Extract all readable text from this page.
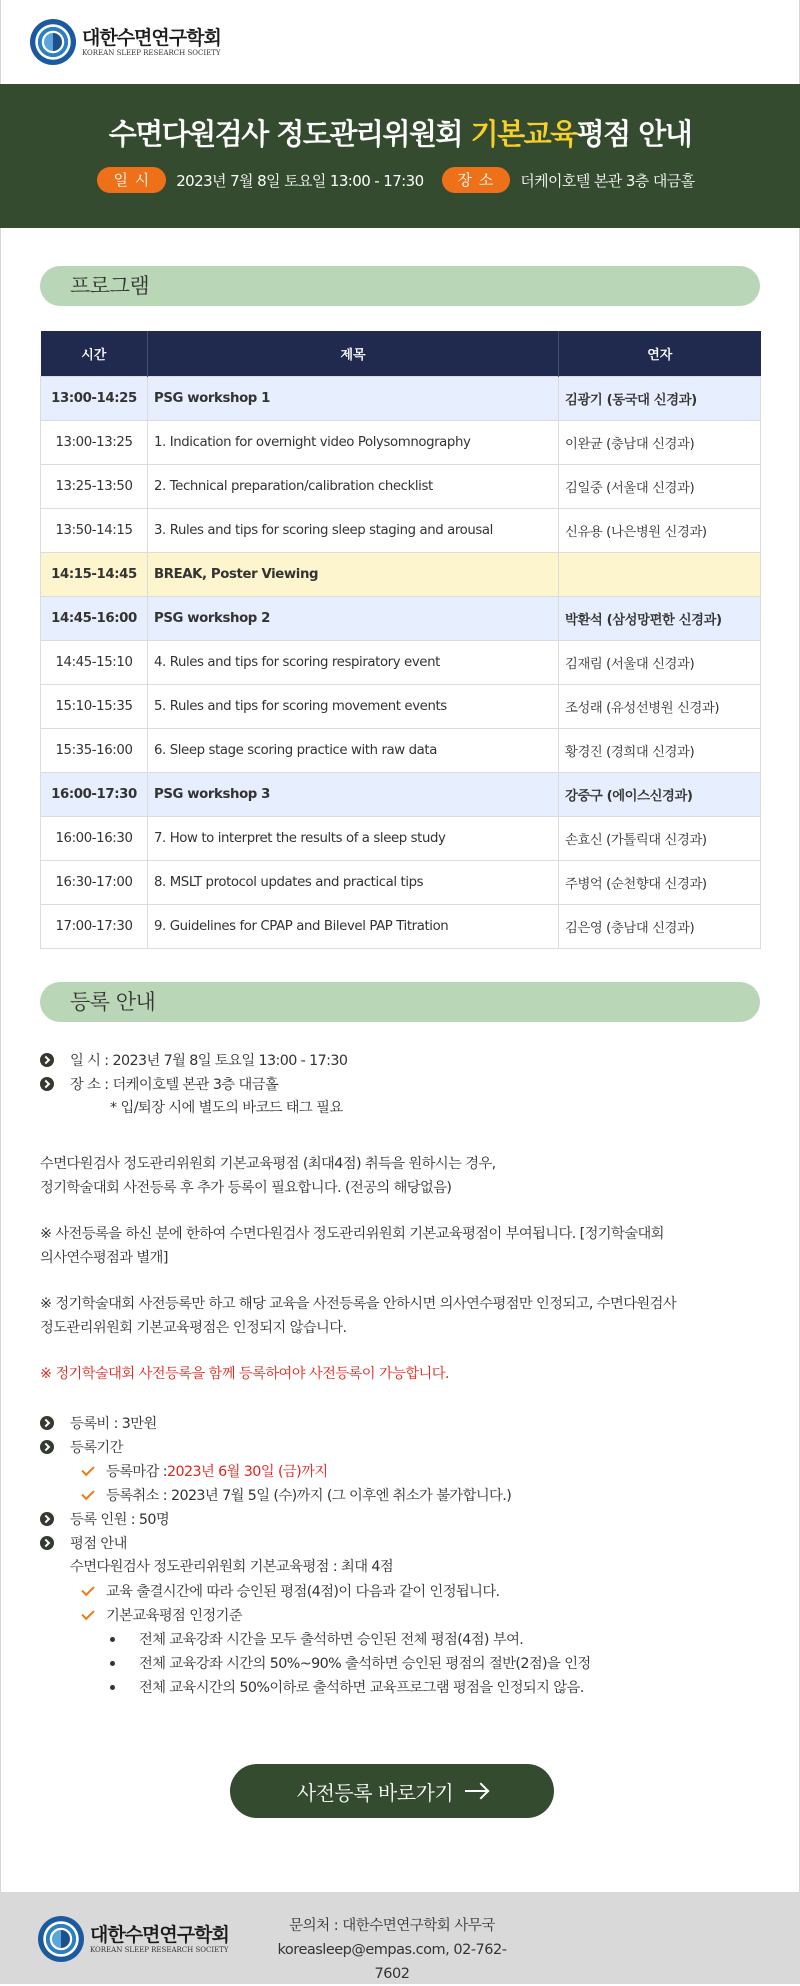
대한수면연구학회
KOREAN SLEEP RESEARCH SOCIETY
수면다원검사 정도관리위원회 기본교육평점 안내
일 시	2023년 7월 8일 토요일 13:00 - 17:30	장 소	더케이호텔 본관 3층 대금홀
프로그램
시간	제목	연자
13:00-14:25	PSG workshop 1	김광기 (동국대 신경과)
13:00-13:25	1. Indication for overnight video Polysomnography	이완균 (충남대 신경과)
13:25-13:50	2. Technical preparation/calibration checklist	김일중 (서울대 신경과)
13:50-14:15	3. Rules and tips for scoring sleep staging and arousal	신유용 (나은병원 신경과)
14:15-14:45	BREAK, Poster Viewing	
14:45-16:00	PSG workshop 2	박환석 (삼성망편한 신경과)
14:45-15:10	4. Rules and tips for scoring respiratory event	김재림 (서울대 신경과)
15:10-15:35	5. Rules and tips for scoring movement events	조성래 (유성선병원 신경과)
15:35-16:00	6. Sleep stage scoring practice with raw data	황경진 (경희대 신경과)
16:00-17:30	PSG workshop 3	강중구 (에이스신경과)
16:00-16:30	7. How to interpret the results of a sleep study	손효신 (가톨릭대 신경과)
16:30-17:00	8. MSLT protocol updates and practical tips	주병억 (순천향대 신경과)
17:00-17:30	9. Guidelines for CPAP and Bilevel PAP Titration	김은영 (충남대 신경과)
등록 안내
일 시 : 2023년 7월 8일 토요일 13:00 - 17:30
장 소 : 더케이호텔 본관 3층 대금홀
* 입/퇴장 시에 별도의 바코드 태그 필요
수면다원검사 정도관리위원회 기본교육평점 (최대4점) 취득을 원하시는 경우,
정기학술대회 사전등록 후 추가 등록이 필요합니다. (전공의 해당없음)
※ 사전등록을 하신 분에 한하여 수면다원검사 정도관리위원회 기본교육평점이 부여됩니다. [정기학술대회
의사연수평점과 별개]
※ 정기학술대회 사전등록만 하고 해당 교육을 사전등록을 안하시면 의사연수평점만 인정되고, 수면다원검사
정도관리위원회 기본교육평점은 인정되지 않습니다.
※ 정기학술대회 사전등록을 함께 등록하여야 사전등록이 가능합니다.
등록비 : 3만원
등록기간
등록마감 : 2023년 6월 30일 (금)까지
등록취소 : 2023년 7월 5일 (수)까지 (그 이후엔 취소가 불가합니다.)
등록 인원 : 50명
평점 안내
수면다원검사 정도관리위원회 기본교육평점 : 최대 4점
교육 출결시간에 따라 승인된 평점(4점)이 다음과 같이 인정됩니다.
기본교육평점 인정기준
전체 교육강좌 시간을 모두 출석하면 승인된 전체 평점(4점) 부여.
전체 교육강좌 시간의 50%~90% 출석하면 승인된 평점의 절반(2점)을 인정
전체 교육시간의 50%이하로 출석하면 교육프로그램 평점을 인정되지 않음.
사전등록 바로가기
대한수면연구학회
KOREAN SLEEP RESEARCH SOCIETY
문의처 : 대한수면연구학회 사무국
koreasleep@empas.com, 02-762-7602
